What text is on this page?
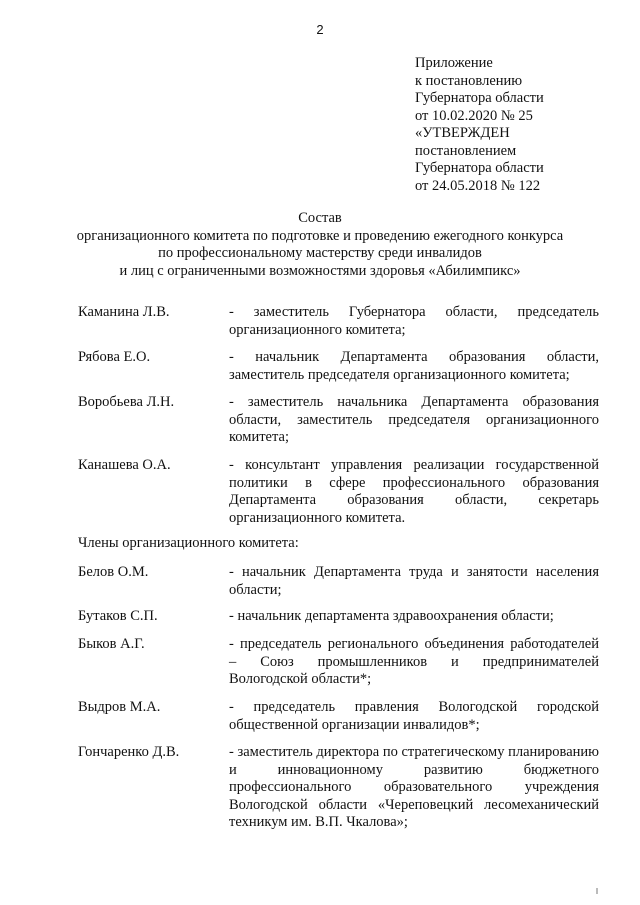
2
Приложение
к постановлению
Губернатора области
от 10.02.2020 № 25
«УТВЕРЖДЕН
постановлением
Губернатора области
от 24.05.2018 № 122
Состав
организационного комитета по подготовке и проведению ежегодного конкурса
по профессиональному мастерству среди инвалидов
и лиц с ограниченными возможностями здоровья «Абилимпикс»
Каманина Л.В.	- заместитель Губернатора области, председатель организационного комитета;
Рябова Е.О.	- начальник Департамента образования области, заместитель председателя организационного комитета;
Воробьева Л.Н.	- заместитель начальника Департамента образования области, заместитель председателя организационного комитета;
Канашева О.А.	- консультант управления реализации государственной политики в сфере профессионального образования Департамента образования области, секретарь организационного комитета.
Члены организационного комитета:
Белов О.М.	- начальник Департамента труда и занятости населения области;
Бутаков С.П.	- начальник департамента здравоохранения области;
Быков А.Г.	- председатель регионального объединения работодателей – Союз промышленников и предпринимателей Вологодской области*;
Выдров М.А.	- председатель правления Вологодской городской общественной организации инвалидов*;
Гончаренко Д.В.	- заместитель директора по стратегическому планированию и инновационному развитию бюджетного профессионального образовательного учреждения Вологодской области «Череповецкий лесомеханический техникум им. В.П. Чкалова»;
